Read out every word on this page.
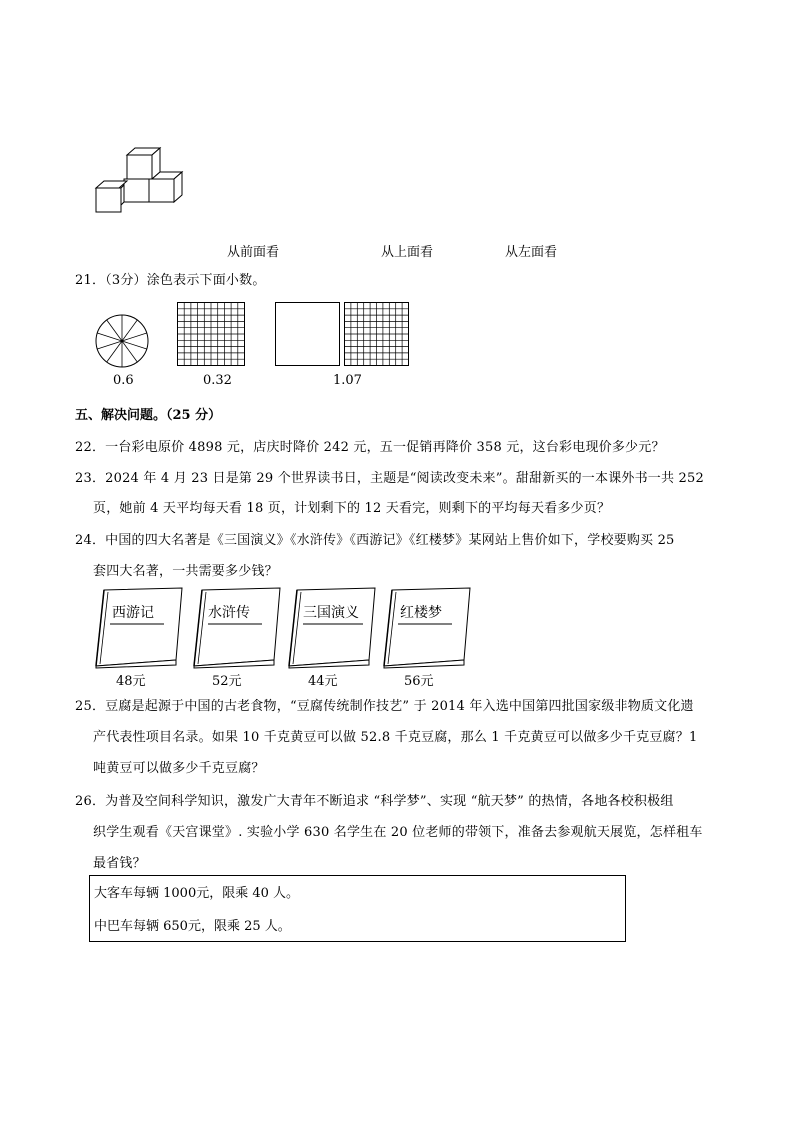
从前面看	从上面看	从左面看
21．（3分）涂色表示下面小数。
0.6	0.32	1.07
五、解决问题。（25 分）
22．一台彩电原价 4898 元，店庆时降价 242 元，五一促销再降价 358 元，这台彩电现价多少元？
23．2024 年 4 月 23 日是第 29 个世界读书日，主题是“阅读改变未来”。甜甜新买的一本课外书一共 252
页，她前 4 天平均每天看 18 页，计划剩下的 12 天看完，则剩下的平均每天看多少页？
24．中国的四大名著是《三国演义》《水浒传》《西游记》《红楼梦》某网站上售价如下，学校要购买 25
套四大名著，一共需要多少钱？
西游记
48元
水浒传
52元
三国演义
44元
红楼梦
56元
25．豆腐是起源于中国的古老食物，“豆腐传统制作技艺” 于 2014 年入选中国第四批国家级非物质文化遗
产代表性项目名录。如果 10 千克黄豆可以做 52.8 千克豆腐，那么 1 千克黄豆可以做多少千克豆腐？1
吨黄豆可以做多少千克豆腐？
26．为普及空间科学知识，激发广大青年不断追求 “科学梦”、实现 “航天梦” 的热情，各地各校积极组
织学生观看《天宫课堂》. 实验小学 630 名学生在 20 位老师的带领下，准备去参观航天展览，怎样租车
最省钱？
大客车每辆 1000元，限乘 40 人。
中巴车每辆 650元，限乘 25 人。
